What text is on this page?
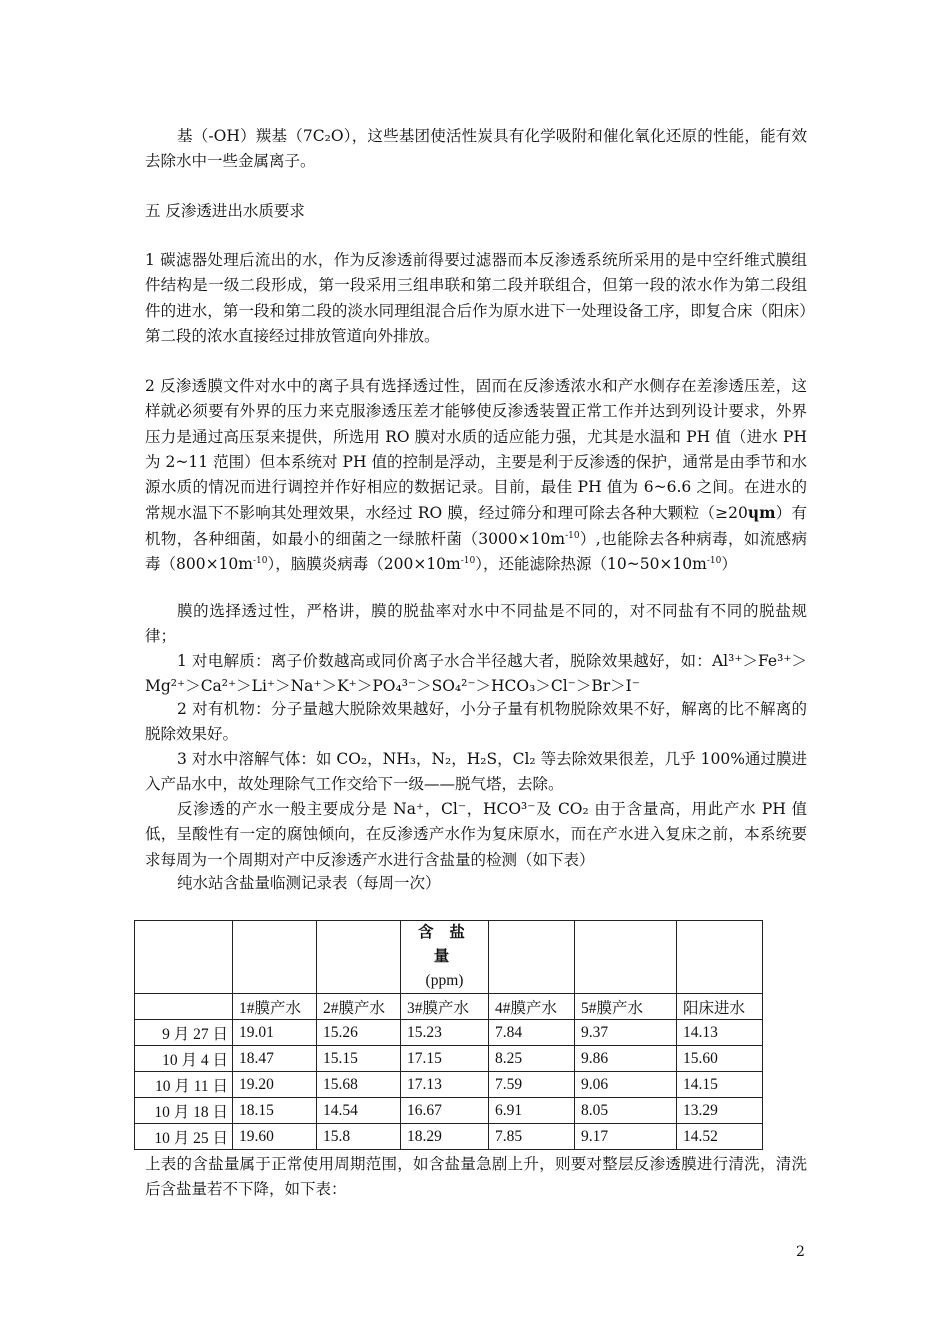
基（-OH）羰基（7C₂O），这些基团使活性炭具有化学吸附和催化氧化还原的性能，能有效去除水中一些金属离子。

五 反渗透进出水质要求

1 碳滤器处理后流出的水，作为反渗透前得要过滤器而本反渗透系统所采用的是中空纤维式膜组件结构是一级二段形成，第一段采用三组串联和第二段并联组合，但第一段的浓水作为第二段组件的进水，第一段和第二段的淡水同理组混合后作为原水进下一处理设备工序，即复合床（阳床）第二段的浓水直接经过排放管道向外排放。

2 反渗透膜文件对水中的离子具有选择透过性，固而在反渗透浓水和产水侧存在差渗透压差，这样就必须要有外界的压力来克服渗透压差才能够使反渗透装置正常工作并达到列设计要求，外界压力是通过高压泵来提供，所选用 RO 膜对水质的适应能力强，尤其是水温和 PH 值（进水 PH 为 2~11 范围）但本系统对 PH 值的控制是浮动，主要是利于反渗透的保护，通常是由季节和水源水质的情况而进行调控并作好相应的数据记录。目前，最佳 PH 值为 6~6.6 之间。在进水的常规水温下不影响其处理效果，水经过 RO 膜，经过筛分和理可除去各种大颗粒（≥20ɥm）有机物，各种细菌，如最小的细菌之一绿脓杆菌$(3000\times 10m^{-10})$,也能除去各种病毒，如流感病毒$(800\times 10m^{-10})$，脑膜炎病毒$(200\times 10m^{-10})$，还能滤除热源$(10\sim 50\times 10m^{-10})$

膜的选择透过性，严格讲，膜的脱盐率对水中不同盐是不同的，对不同盐有不同的脱盐规律；

1 对电解质：离子价数越高或同价离子水合半径越大者，脱除效果越好，如：Al³⁺＞Fe³⁺＞Mg²⁺＞Ca²⁺＞Li⁺＞Na⁺＞K⁺＞PO₄³⁻＞SO₄²⁻＞HCO₃＞Cl⁻＞Br＞I⁻

2 对有机物：分子量越大脱除效果越好，小分子量有机物脱除效果不好，解离的比不解离的脱除效果好。

3 对水中溶解气体：如 CO₂，NH₃，N₂，H₂S，Cl₂ 等去除效果很差，几乎 100%通过膜进入产品水中，故处理除气工作交给下一级——脱气塔，去除。

反渗透的产水一般主要成分是 Na⁺，Cl⁻，HCO³⁻及 CO₂ 由于含量高，用此产水 PH 值低，呈酸性有一定的腐蚀倾向，在反渗透产水作为复床原水，而在产水进入复床之前，本系统要求每周为一个周期对产中反渗透产水进行含盐量的检测（如下表）

纯水站含盐量临测记录表（每周一次）

			含 盐 量
(ppm)			

	1#膜产水	2#膜产水	3#膜产水	4#膜产水	5#膜产水	阳床进水
9 月 27 日	19.01	15.26	15.23	7.84	9.37	14.13
10 月 4 日	18.47	15.15	17.15	8.25	9.86	15.60
10 月 11 日	19.20	15.68	17.13	7.59	9.06	14.15
10 月 18 日	18.15	14.54	16.67	6.91	8.05	13.29
10 月 25 日	19.60	15.8	18.29	7.85	9.17	14.52

上表的含盐量属于正常使用周期范围，如含盐量急剧上升，则要对整层反渗透膜进行清洗，清洗后含盐量若不下降，如下表：

2
